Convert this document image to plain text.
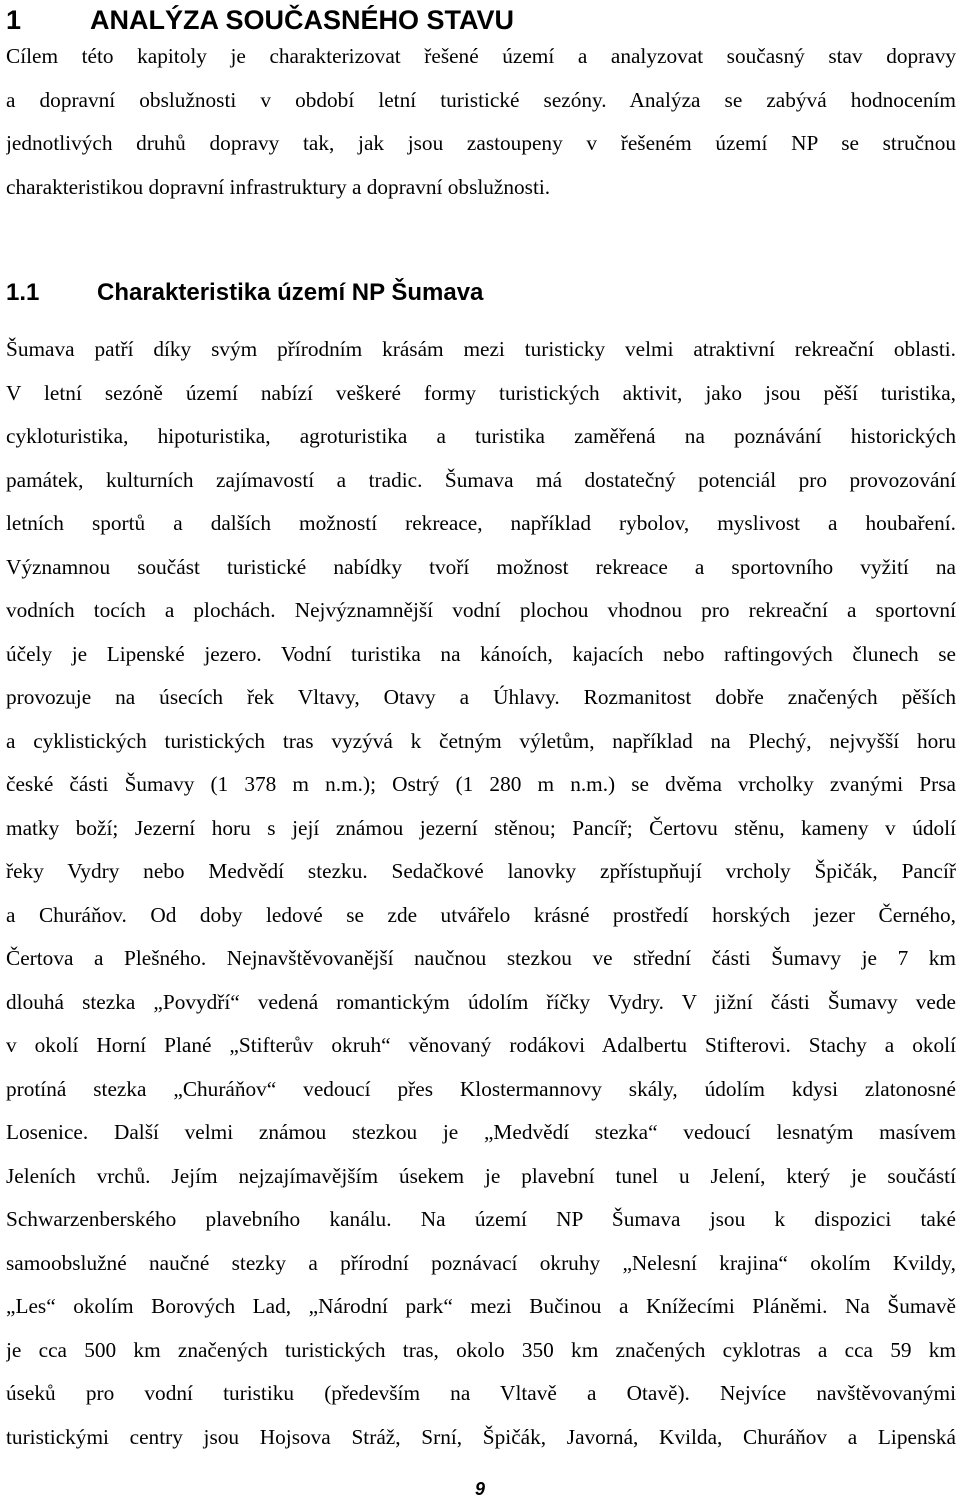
1	ANALÝZA SOUČASNÉHO STAVU

Cílem této kapitoly je charakterizovat řešené území a analyzovat současný stav dopravy
a dopravní obslužnosti v období letní turistické sezóny. Analýza se zabývá hodnocením
jednotlivých druhů dopravy tak, jak jsou zastoupeny v řešeném území NP se stručnou
charakteristikou dopravní infrastruktury a dopravní obslužnosti.

1.1 Charakteristika území NP Šumava

Šumava patří díky svým přírodním krásám mezi turisticky velmi atraktivní rekreační oblasti.
V letní sezóně území nabízí veškeré formy turistických aktivit, jako jsou pěší turistika,
cykloturistika, hipoturistika, agroturistika a turistika zaměřená na poznávání historických
památek, kulturních zajímavostí a tradic. Šumava má dostatečný potenciál pro provozování
letních sportů a dalších možností rekreace, například rybolov, myslivost a houbaření.
Významnou součást turistické nabídky tvoří možnost rekreace a sportovního vyžití na
vodních tocích a plochách. Nejvýznamnější vodní plochou vhodnou pro rekreační a sportovní
účely je Lipenské jezero. Vodní turistika na kánoích, kajacích nebo raftingových člunech se
provozuje na úsecích řek Vltavy, Otavy a Úhlavy. Rozmanitost dobře značených pěších
a cyklistických turistických tras vyzývá k četným výletům, například na Plechý, nejvyšší horu
české části Šumavy (1 378 m n.m.); Ostrý (1 280 m n.m.) se dvěma vrcholky zvanými Prsa
matky boží; Jezerní horu s její známou jezerní stěnou; Pancíř; Čertovu stěnu, kameny v údolí
řeky Vydry nebo Medvědí stezku. Sedačkové lanovky zpřístupňují vrcholy Špičák, Pancíř
a Churáňov. Od doby ledové se zde utvářelo krásné prostředí horských jezer Černého,
Čertova a Plešného. Nejnavštěvovanější naučnou stezkou ve střední části Šumavy je 7 km
dlouhá stezka „Povydří“ vedená romantickým údolím říčky Vydry. V jižní části Šumavy vede
v okolí Horní Plané „Stifterův okruh“ věnovaný rodákovi Adalbertu Stifterovi. Stachy a okolí
protíná stezka „Churáňov“ vedoucí přes Klostermannovy skály, údolím kdysi zlatonosné
Losenice. Další velmi známou stezkou je „Medvědí stezka“ vedoucí lesnatým masívem
Jeleních vrchů. Jejím nejzajímavějším úsekem je plavební tunel u Jelení, který je součástí
Schwarzenberského plavebního kanálu. Na území NP Šumava jsou k dispozici také
samoobslužné naučné stezky a přírodní poznávací okruhy „Nelesní krajina“ okolím Kvildy,
„Les“ okolím Borových Lad, „Národní park“ mezi Bučinou a Knížecími Pláněmi. Na Šumavě
je cca 500 km značených turistických tras, okolo 350 km značených cyklotras a cca 59 km
úseků pro vodní turistiku (především na Vltavě a Otavě). Nejvíce navštěvovanými
turistickými centry jsou Hojsova Stráž, Srní, Špičák, Javorná, Kvilda, Churáňov a Lipenská

9
